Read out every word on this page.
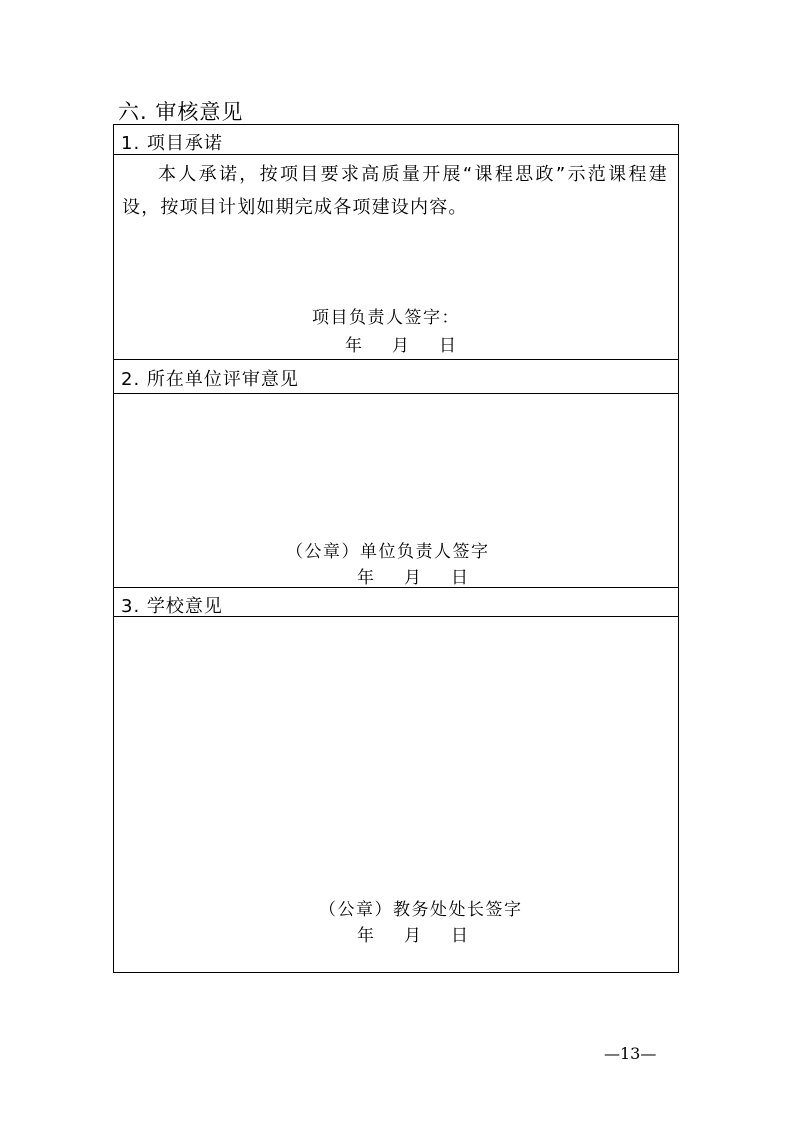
六. 审核意见
1. 项目承诺
本人承诺，按项目要求高质量开展“课程思政”示范课程建设，按项目计划如期完成各项建设内容。
项目负责人签字：
年 月 日
2. 所在单位评审意见
（公章）单位负责人签字
年 月 日
3. 学校意见
（公章）教务处处长签字
年 月 日
—13—
